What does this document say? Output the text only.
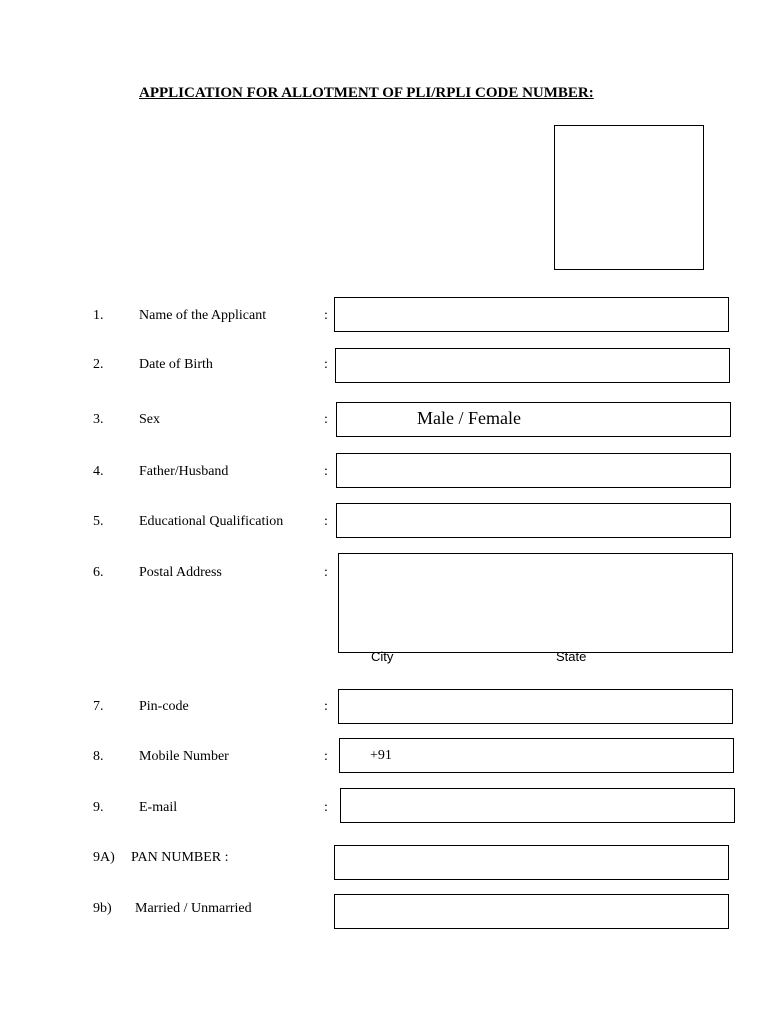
APPLICATION FOR ALLOTMENT OF PLI/RPLI CODE NUMBER:
1.	Name of the Applicant	:
2.	Date of Birth	:
3.	Sex	:	Male / Female
4.	Father/Husband	:
5.	Educational Qualification	:
6.	Postal Address	:
City	State
7.	Pin-code	:
8.	Mobile Number	:	+91
9.	E-mail	:
9A) PAN NUMBER :
9b) Married / Unmarried
